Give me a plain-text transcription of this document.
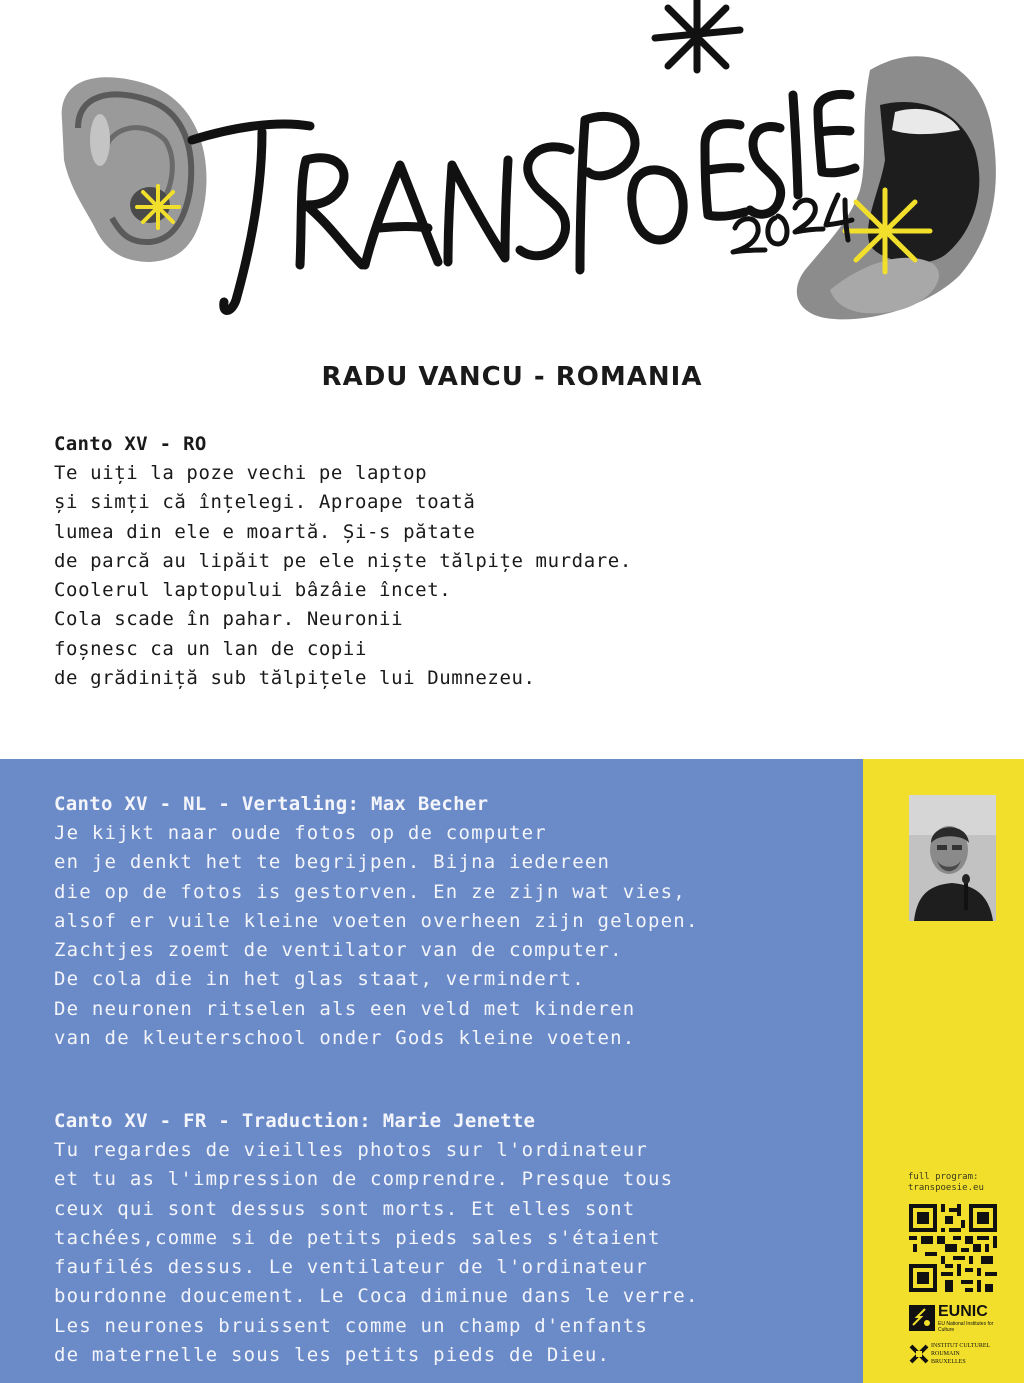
RADU VANCU - ROMANIA
Canto XV - RO
Te uiți la poze vechi pe laptop
și simți că înțelegi. Aproape toată
lumea din ele e moartă. Și-s pătate
de parcă au lipăit pe ele niște tălpițe murdare.
Coolerul laptopului bâzâie încet.
Cola scade în pahar. Neuronii
foșnesc ca un lan de copii
de grădiniță sub tălpițele lui Dumnezeu.
Canto XV - NL - Vertaling: Max Becher
Je kijkt naar oude fotos op de computer
en je denkt het te begrijpen. Bijna iedereen
die op de fotos is gestorven. En ze zijn wat vies,
alsof er vuile kleine voeten overheen zijn gelopen.
Zachtjes zoemt de ventilator van de computer.
De cola die in het glas staat, vermindert.
De neuronen ritselen als een veld met kinderen
van de kleuterschool onder Gods kleine voeten.
Canto XV - FR - Traduction: Marie Jenette
Tu regardes de vieilles photos sur l'ordinateur
et tu as l'impression de comprendre. Presque tous
ceux qui sont dessus sont morts. Et elles sont
tachées,comme si de petits pieds sales s'étaient
faufilés dessus. Le ventilateur de l'ordinateur
bourdonne doucement. Le Coca diminue dans le verre.
Les neurones bruissent comme un champ d'enfants
de maternelle sous les petits pieds de Dieu.
full program:
transpoesie.eu
EUNIC
EU National Institutes for Culture
INSTITUT CULTUREL
ROUMAIN
BRUXELLES
